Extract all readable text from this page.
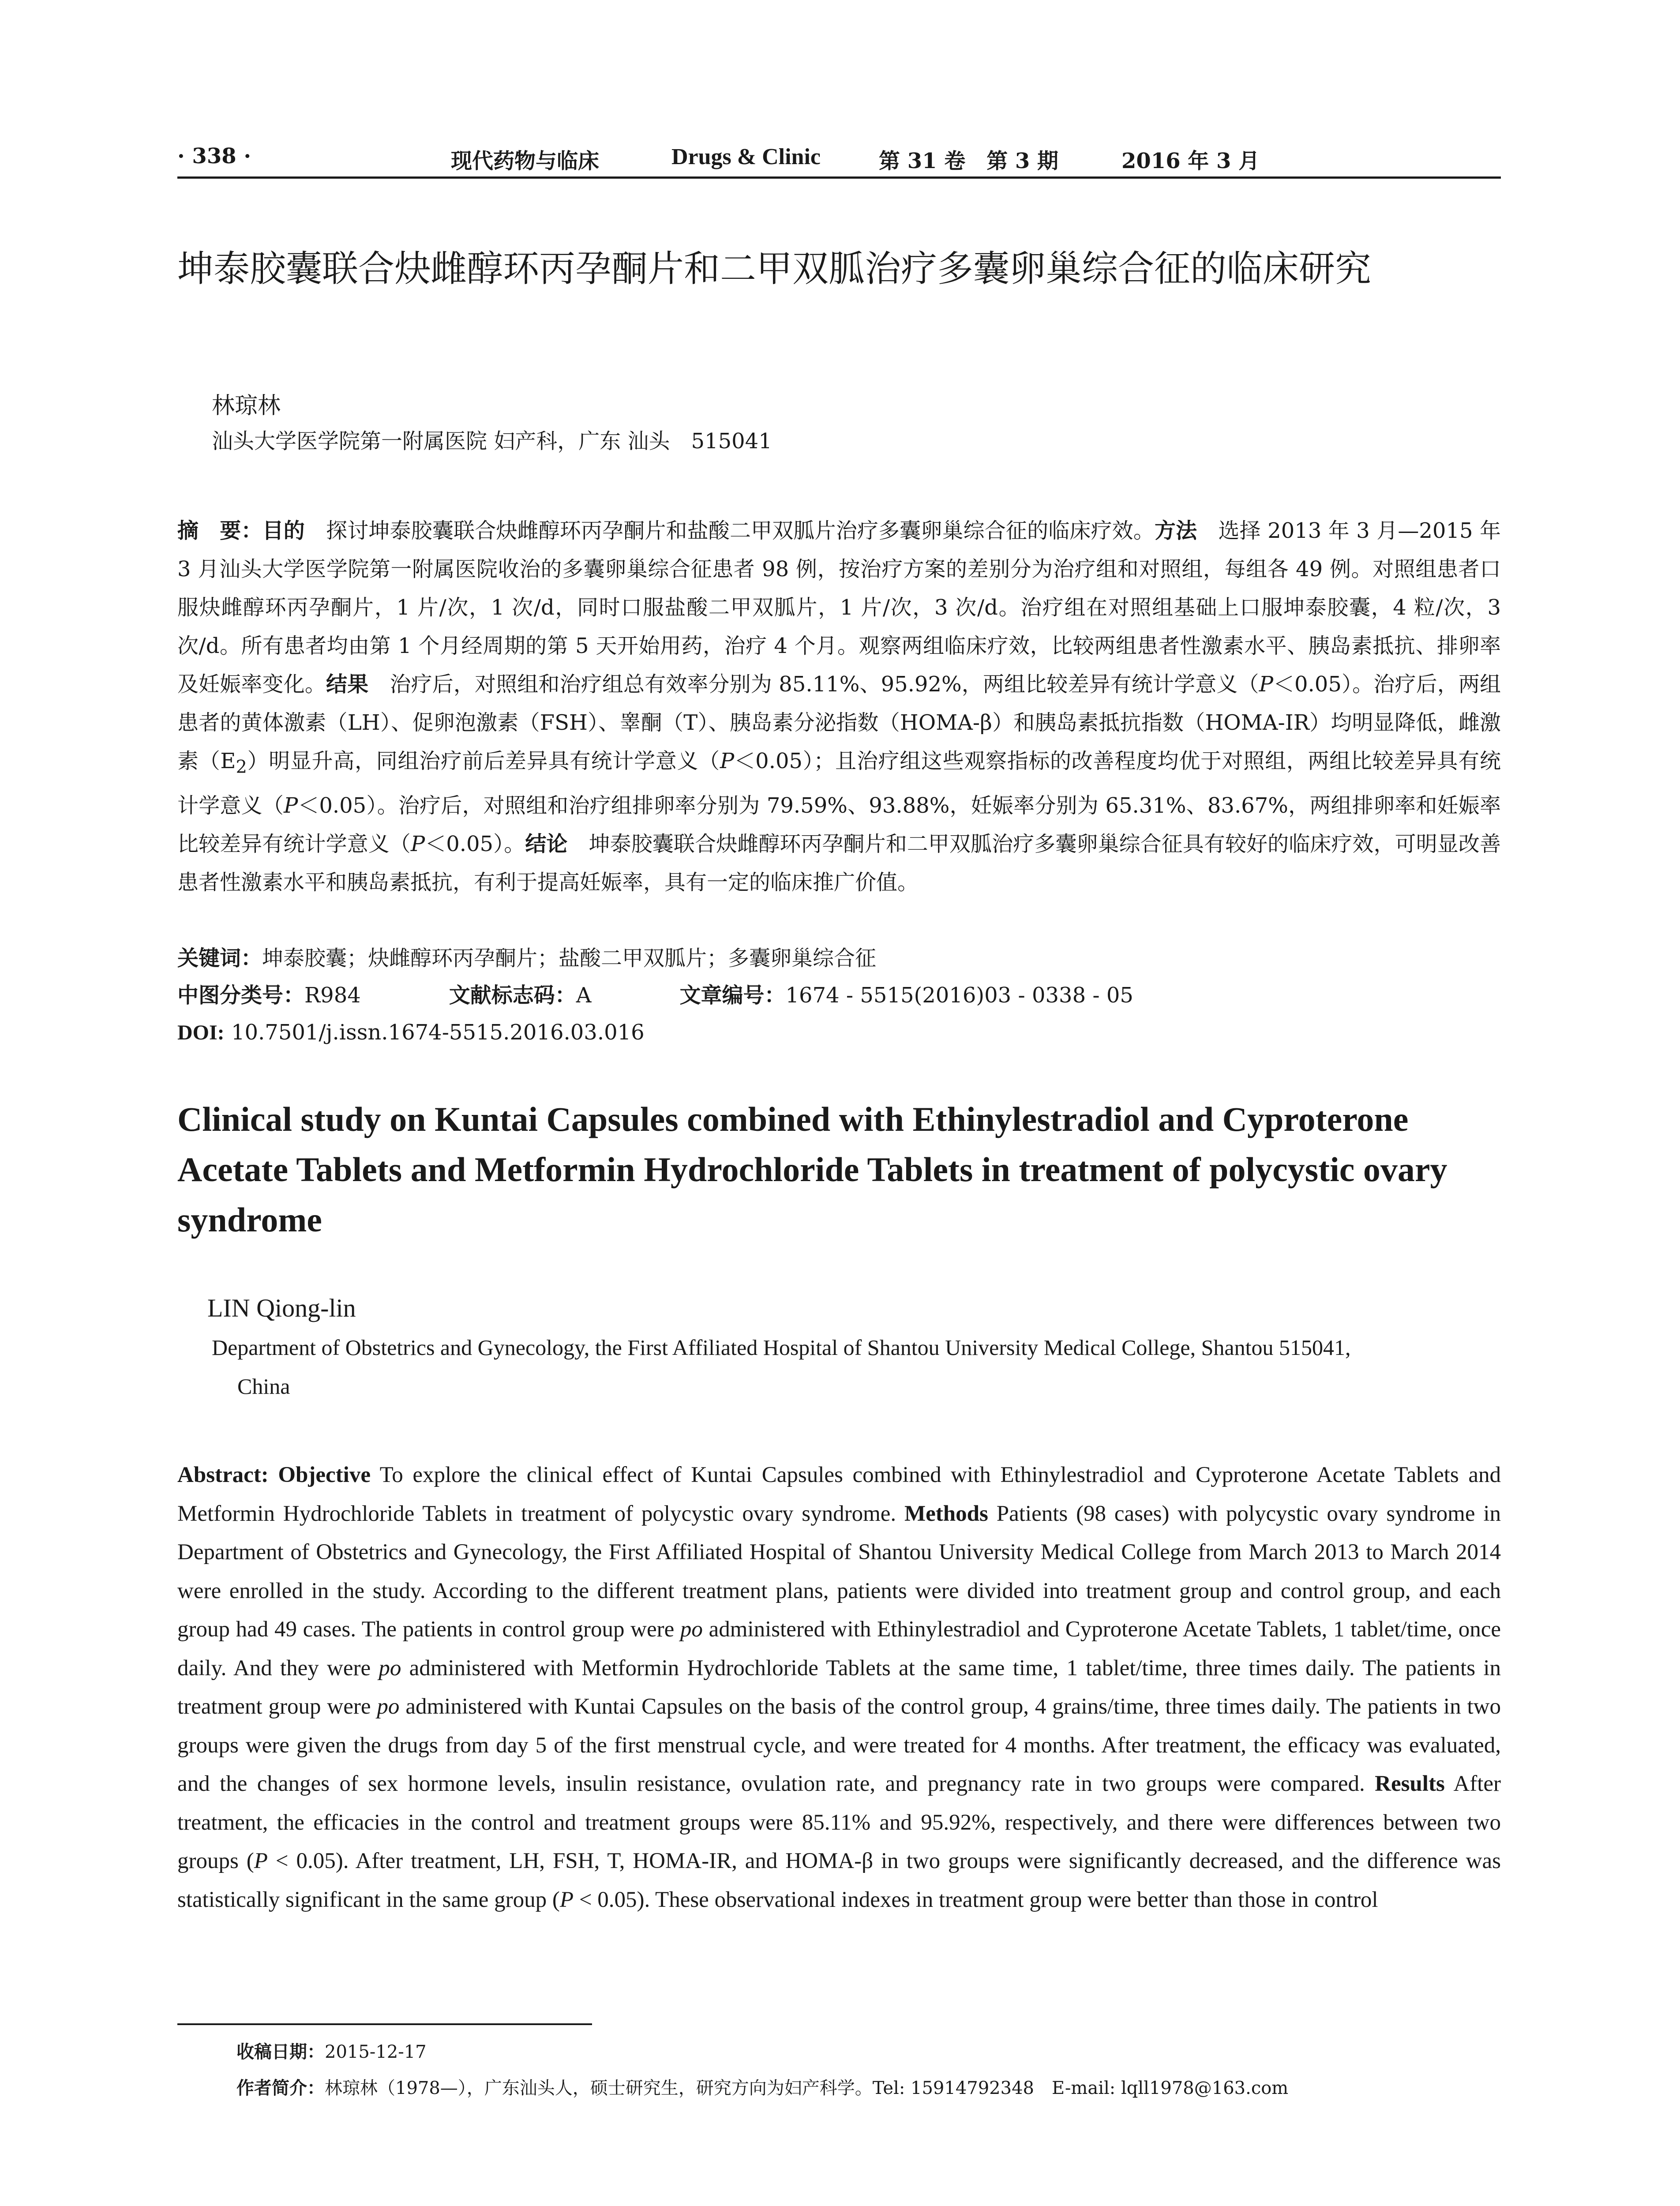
· 338 ·	现代药物与临床	Drugs & Clinic	第 31 卷　第 3 期	2016 年 3 月
坤泰胶囊联合炔雌醇环丙孕酮片和二甲双胍治疗多囊卵巢综合征的临床研究
林琼林
汕头大学医学院第一附属医院 妇产科，广东 汕头　515041
摘　要：目的　探讨坤泰胶囊联合炔雌醇环丙孕酮片和盐酸二甲双胍片治疗多囊卵巢综合征的临床疗效。方法　选择 2013 年 3 月—2015 年 3 月汕头大学医学院第一附属医院收治的多囊卵巢综合征患者 98 例，按治疗方案的差别分为治疗组和对照组，每组各 49 例。对照组患者口服炔雌醇环丙孕酮片，1 片/次，1 次/d，同时口服盐酸二甲双胍片，1 片/次，3 次/d。治疗组在对照组基础上口服坤泰胶囊，4 粒/次，3 次/d。所有患者均由第 1 个月经周期的第 5 天开始用药，治疗 4 个月。观察两组临床疗效，比较两组患者性激素水平、胰岛素抵抗、排卵率及妊娠率变化。结果　治疗后，对照组和治疗组总有效率分别为 85.11%、95.92%，两组比较差异有统计学意义（P＜0.05）。治疗后，两组患者的黄体激素（LH）、促卵泡激素（FSH）、睾酮（T）、胰岛素分泌指数（HOMA-β）和胰岛素抵抗指数（HOMA-IR）均明显降低，雌激素$(E_2)$明显升高，同组治疗前后差异具有统计学意义（P＜0.05）；且治疗组这些观察指标的改善程度均优于对照组，两组比较差异具有统计学意义（P＜0.05）。治疗后，对照组和治疗组排卵率分别为 79.59%、93.88%，妊娠率分别为 65.31%、83.67%，两组排卵率和妊娠率比较差异有统计学意义（P＜0.05）。结论　坤泰胶囊联合炔雌醇环丙孕酮片和二甲双胍治疗多囊卵巢综合征具有较好的临床疗效，可明显改善患者性激素水平和胰岛素抵抗，有利于提高妊娠率，具有一定的临床推广价值。
关键词：坤泰胶囊；炔雌醇环丙孕酮片；盐酸二甲双胍片；多囊卵巢综合征
中图分类号：R984	文献标志码：A	文章编号：1674 - 5515(2016)03 - 0338 - 05
DOI: 10.7501/j.issn.1674-5515.2016.03.016
Clinical study on Kuntai Capsules combined with Ethinylestradiol and Cyproterone Acetate Tablets and Metformin Hydrochloride Tablets in treatment of polycystic ovary syndrome
LIN Qiong-lin
Department of Obstetrics and Gynecology, the First Affiliated Hospital of Shantou University Medical College, Shantou 515041,
China
Abstract: Objective To explore the clinical effect of Kuntai Capsules combined with Ethinylestradiol and Cyproterone Acetate Tablets and Metformin Hydrochloride Tablets in treatment of polycystic ovary syndrome. Methods Patients (98 cases) with polycystic ovary syndrome in Department of Obstetrics and Gynecology, the First Affiliated Hospital of Shantou University Medical College from March 2013 to March 2014 were enrolled in the study. According to the different treatment plans, patients were divided into treatment group and control group, and each group had 49 cases. The patients in control group were po administered with Ethinylestradiol and Cyproterone Acetate Tablets, 1 tablet/time, once daily. And they were po administered with Metformin Hydrochloride Tablets at the same time, 1 tablet/time, three times daily. The patients in treatment group were po administered with Kuntai Capsules on the basis of the control group, 4 grains/time, three times daily. The patients in two groups were given the drugs from day 5 of the first menstrual cycle, and were treated for 4 months. After treatment, the efficacy was evaluated, and the changes of sex hormone levels, insulin resistance, ovulation rate, and pregnancy rate in two groups were compared. Results After treatment, the efficacies in the control and treatment groups were 85.11% and 95.92%, respectively, and there were differences between two groups (P < 0.05). After treatment, LH, FSH, T, HOMA-IR, and HOMA-β in two groups were significantly decreased, and the difference was statistically significant in the same group (P < 0.05). These observational indexes in treatment group were better than those in control
收稿日期：2015-12-17
作者简介：林琼林（1978—），广东汕头人，硕士研究生，研究方向为妇产科学。Tel: 15914792348　E-mail: lqll1978@163.com
